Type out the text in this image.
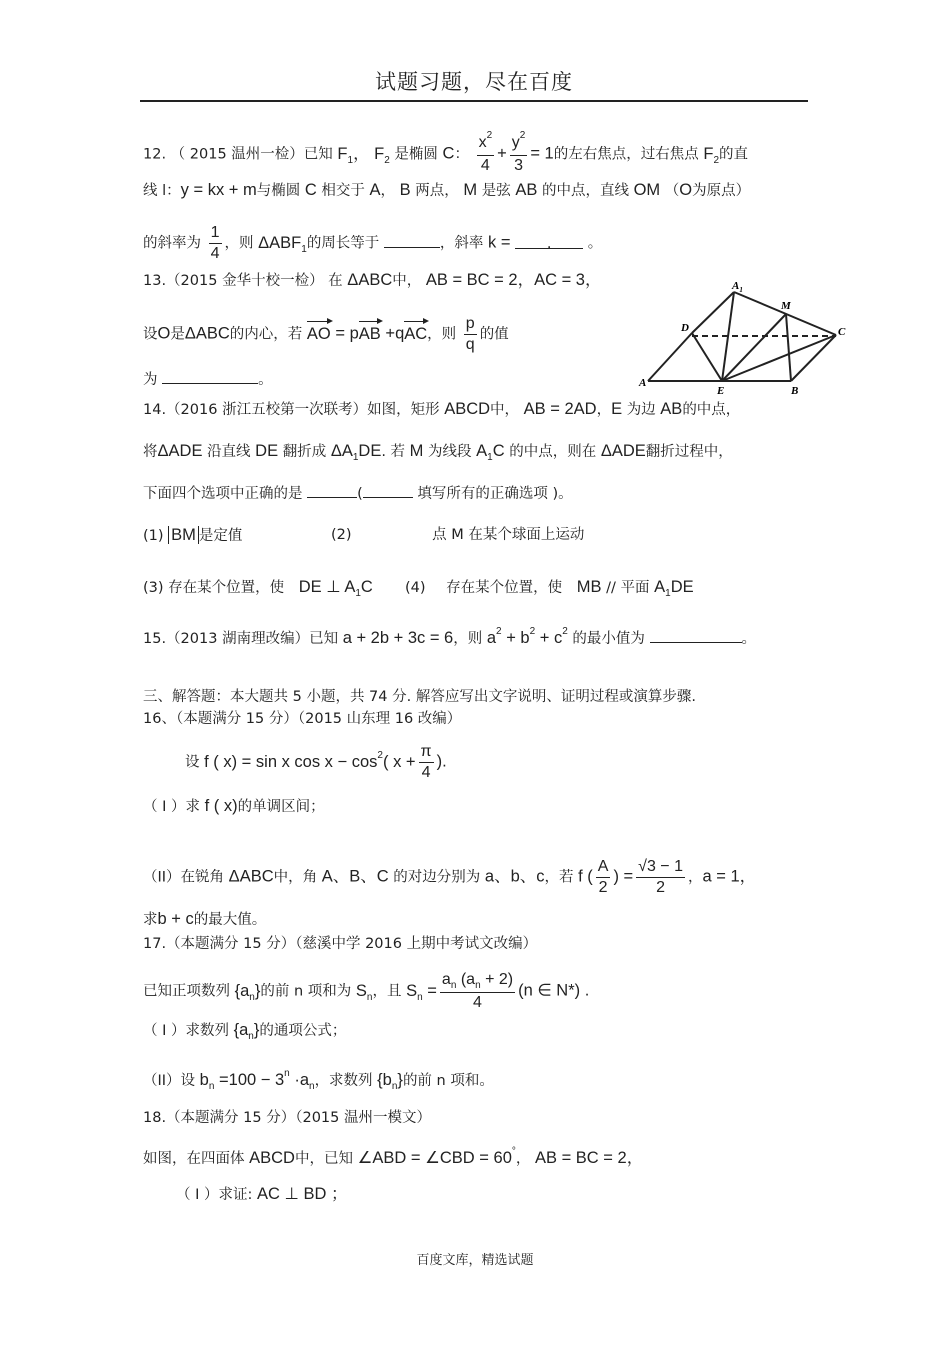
试题习题，尽在百度
12. （ 2015 温州一检）已知 $F_1$， $F_2$ 是椭圆 C： $\frac{x^2}{4} + \frac{y^2}{3} = 1$的左右焦点，过右焦点 $F_2$的直
线 l：y = kx + m与椭圆 C 相交于 A， B 两点， M 是弦 AB 的中点，直线 OM （O为原点）
的斜率为 $\frac{1}{4}$ ，则 $\Delta ABF_1$的周长等于	，斜率 k =	.	。
13.（2015 金华十校一检） 在 ΔABC中， AB = BC = 2，AC = 3，
设O是ΔABC的内心，若 AO = pAB +qAC，则 $\frac{p}{q}$ 的值
为	。	A
$A_1$
M
D	C
E	B
14.（2016 浙江五校第一次联考）如图，矩形 ABCD中， AB = 2AD，E 为边 AB的中点，
将ΔADE 沿直线 DE 翻折成 $\Delta A_1DE$. 若 M 为线段 $A_1C$ 的中点，则在 ΔADE翻折过程中，
下面四个选项中正确的是	(	填写所有的正确选项 )。
(1) BM 是定值	(2)	点 M 在某个球面上运动
(3) 存在某个位置，使 DE ⊥ $A_1C$ (4) 存在某个位置，使 MB // 平面 $A_1DE$
15.（2013 湖南理改编）已知 a + 2b + 3c = 6，则 $a^2 + b^2 + c^2$ 的最小值为	。
三、解答题：本大题共 5 小题，共 74 分. 解答应写出文字说明、证明过程或演算步骤.
16、（本题满分 15 分）（2015 山东理 16 改编）
设 f ( x) = sin x $\cos x - \cos^2$( $x + \frac{\pi}{4}$ ).
（ I ）求 f ( x)的单调区间；
（II）在锐角 ΔABC中，角 A、B、C 的对边分别为 a、b、c，若 f ( $\frac{A}{2}$ ) = $\frac{√3 - 1}{2}$ ，a = 1，
求b + c的最大值。
17.（本题满分 15 分）（慈溪中学 2016 上期中考试文改编）
已知正项数列 $\{a_n\}$的前 n 项和为 $S_n$，且 $S_n = \frac{a_n (a_n + 2)}{4} (n$ ∈ N*) .
（ I ）求数列 $\{a_n\}$的通项公式；
（II）设 $b_n =100 - 3^n \cdot a_n$，求数列 $\{b_n\}$的前 n 项和。
18.（本题满分 15 分）（2015 温州一模文）
如图，在四面体 ABCD中，已知 ∠ABD = ∠CBD = 60°， AB = BC = 2，
（ I ）求证: AC ⊥ BD ；
百度文库，精选试题
